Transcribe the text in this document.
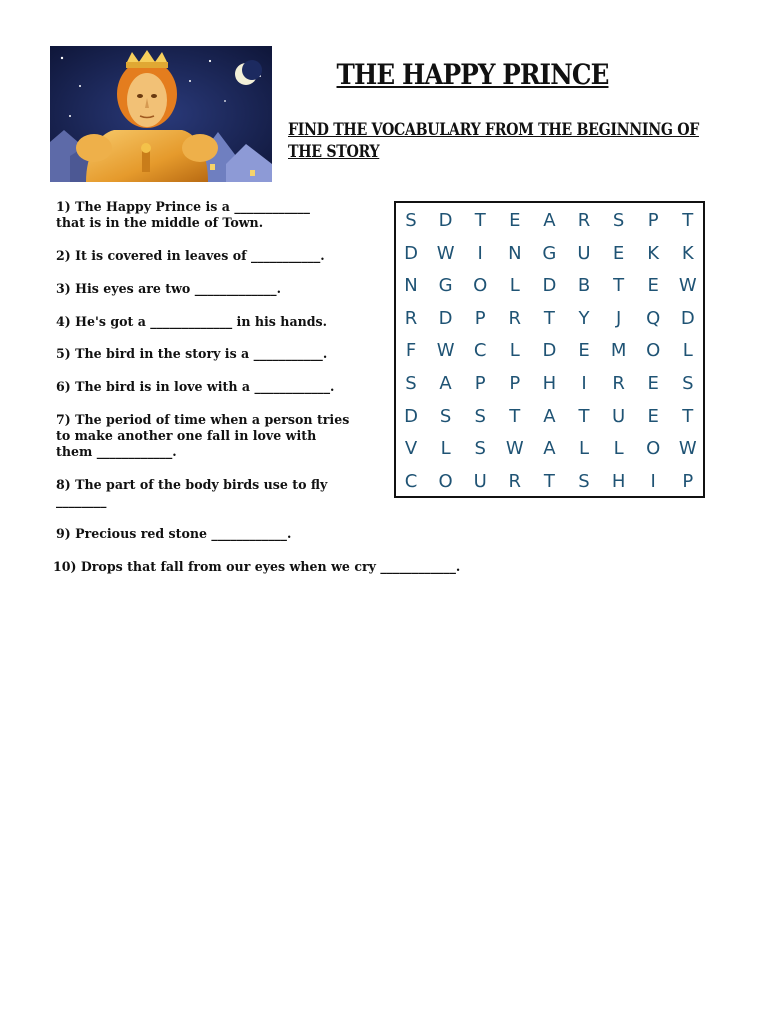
THE HAPPY PRINCE
FIND THE VOCABULARY FROM THE BEGINNING OF
THE STORY
1) The Happy Prince is a ____________
that is in the middle of Town.
2) It is covered in leaves of ___________.
3) His eyes are two _____________.
4) He's got a _____________ in his hands.
5) The bird in the story is a ___________.
6) The bird is in love with a ____________.
7) The period of time when a person tries
to make another one fall in love with
them ____________.
8) The part of the body birds use to fly
________
9) Precious red stone ____________.
10) Drops that fall from our eyes when we cry ____________.
S	D	T	E	A	R	S	P	T
D	W	I	N	G	U	E	K	K
N	G	O	L	D	B	T	E	W
R	D	P	R	T	Y	J	Q	D
F	W	C	L	D	E	M	O	L
S	A	P	P	H	I	R	E	S
D	S	S	T	A	T	U	E	T
V	L	S	W	A	L	L	O	W
C	O	U	R	T	S	H	I	P
